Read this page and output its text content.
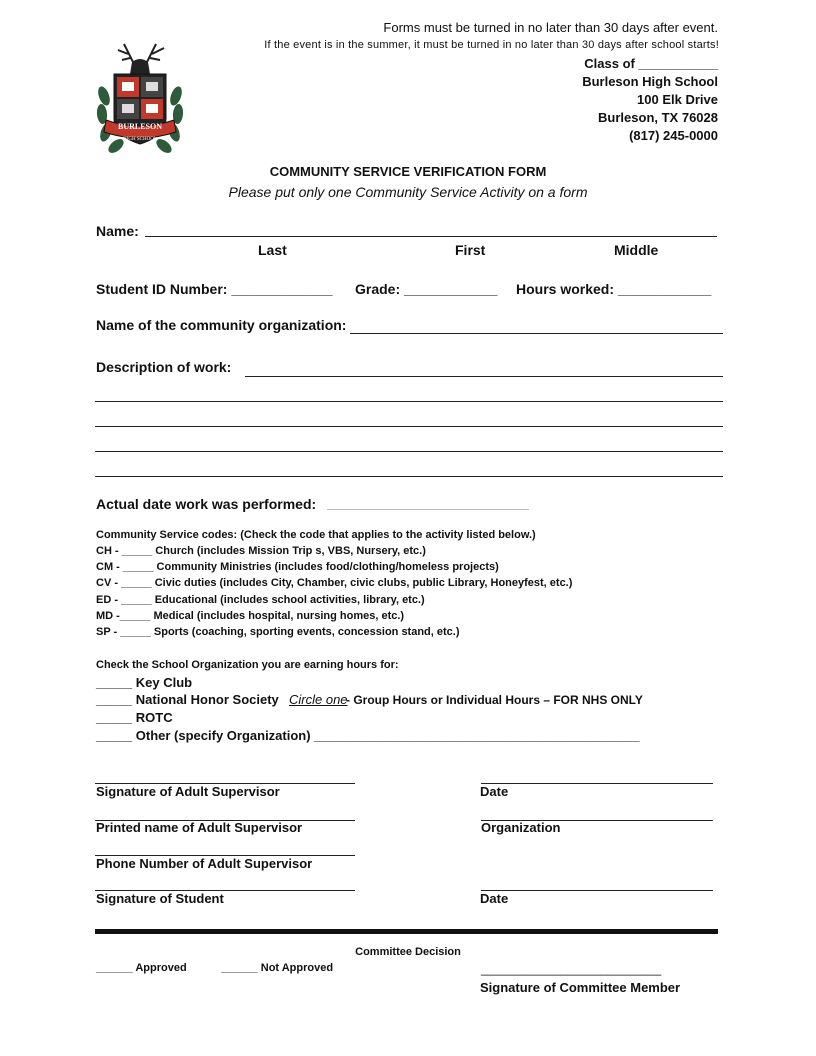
Forms must be turned in no later than 30 days after event.
If the event is in the summer, it must be turned in no later than 30 days after school starts!
Class of ___________
Burleson High School
100 Elk Drive
Burleson, TX 76028
(817) 245-0000
BURLESON
HIGH SCHOOL
COMMUNITY SERVICE VERIFICATION FORM
Please put only one Community Service Activity on a form
Name:
Last	First	Middle
Student ID Number: _____________ Grade: ____________ Hours worked: ____________
Name of the community organization:
Description of work:
Actual date work was performed:
Community Service codes: (Check the code that applies to the activity listed below.)
CH - _____ Church (includes Mission Trip s, VBS, Nursery, etc.)
CM - _____ Community Ministries (includes food/clothing/homeless projects)
CV - _____ Civic duties (includes City, Chamber, civic clubs, public Library, Honeyfest, etc.)
ED - _____ Educational (includes school activities, library, etc.)
MD -_____ Medical (includes hospital, nursing homes, etc.)
SP - _____ Sports (coaching, sporting events, concession stand, etc.)
Check the School Organization you are earning hours for:
_____ Key Club
_____ National Honor Society Circle one
- Group Hours or Individual Hours – FOR NHS ONLY
_____ ROTC
_____ Other (specify Organization) _____________________________________________
Signature of Adult Supervisor	Date
Printed name of Adult Supervisor	Organization
Phone Number of Adult Supervisor
Signature of Student	Date
Committee Decision
______ Approved	______ Not Approved	___________________________
Signature of Committee Member
